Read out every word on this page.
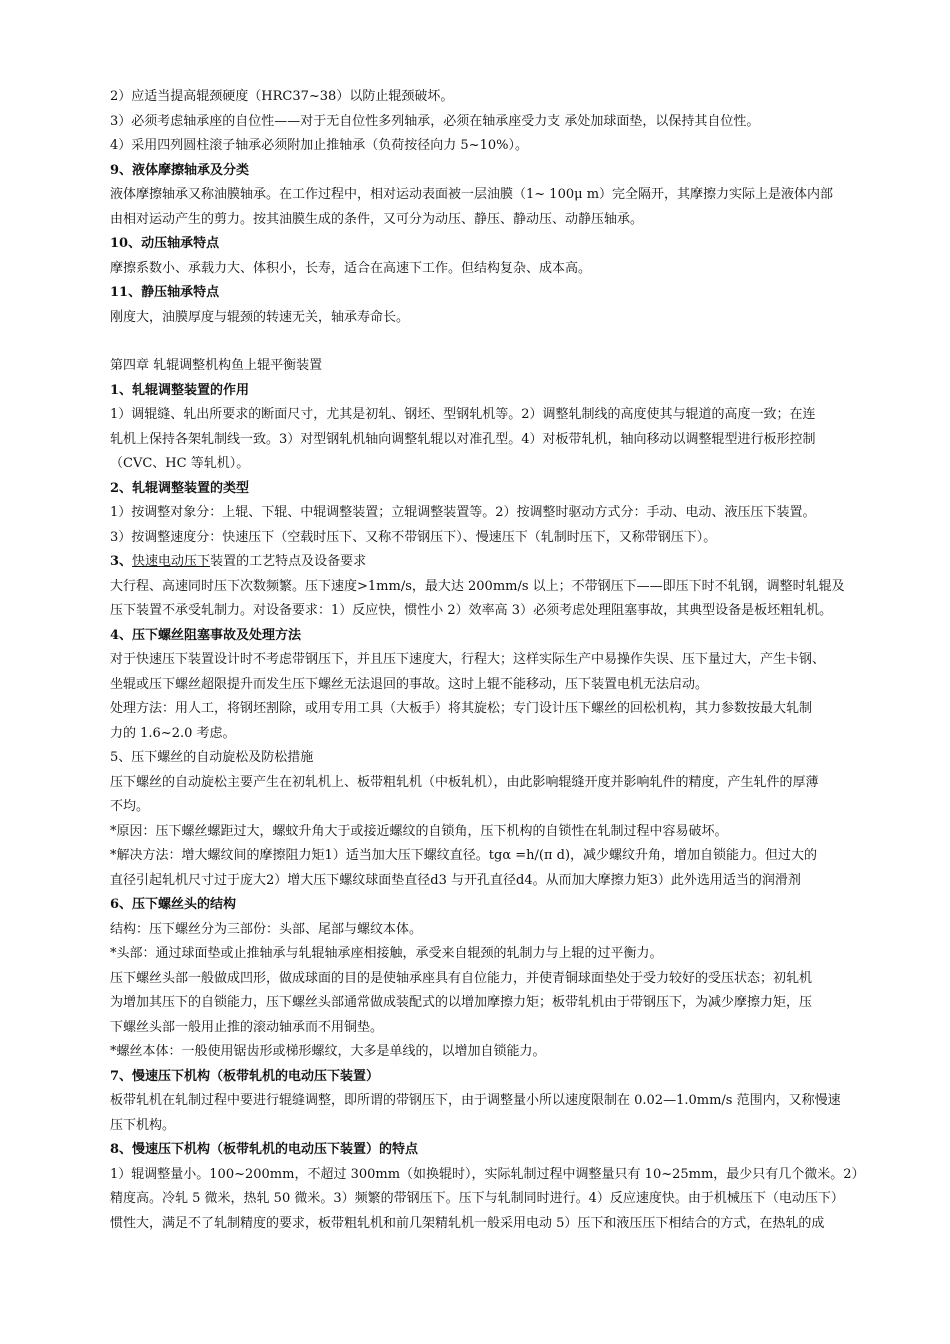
2）应适当提高辊颈硬度（HRC37~38）以防止辊颈破坏。
3）必须考虑轴承座的自位性——对于无自位性多列轴承，必须在轴承座受力支 承处加球面垫，以保持其自位性。
4）采用四列圆柱滚子轴承必须附加止推轴承（负荷按径向力 5~10%）。
9、液体摩擦轴承及分类
液体摩擦轴承又称油膜轴承。在工作过程中，相对运动表面被一层油膜（1~ 100μ m）完全隔开，其摩擦力实际上是液体内部
由相对运动产生的剪力。按其油膜生成的条件，又可分为动压、静压、静动压、动静压轴承。
10、动压轴承特点
摩擦系数小、承载力大、体积小，长寿，适合在高速下工作。但结构复杂、成本高。
11、静压轴承特点
刚度大，油膜厚度与辊颈的转速无关，轴承寿命长。
第四章 轧辊调整机构鱼上辊平衡装置
1、轧辊调整装置的作用
1）调辊缝、轧出所要求的断面尺寸，尤其是初轧、钢坯、型钢轧机等。2）调整轧制线的高度使其与辊道的高度一致；在连
轧机上保持各架轧制线一致。3）对型钢轧机轴向调整轧辊以对准孔型。4）对板带轧机，轴向移动以调整辊型进行板形控制
（CVC、HC 等轧机）。
2、轧辊调整装置的类型
1）按调整对象分：上辊、下辊、中辊调整装置；立辊调整装置等。2）按调整时驱动方式分：手动、电动、液压压下装置。
3）按调整速度分：快速压下（空载时压下、又称不带钢压下）、慢速压下（轧制时压下，又称带钢压下）。
3、快速电动压下装置的工艺特点及设备要求
大行程、高速同时压下次数频繁。压下速度>1mm/s，最大达 200mm/s 以上；不带钢压下——即压下时不轧钢，调整时轧辊及
压下装置不承受轧制力。对设备要求：1）反应快，惯性小 2）效率高 3）必须考虑处理阻塞事故，其典型设备是板坯粗轧机。
4、压下螺丝阻塞事故及处理方法
对于快速压下装置设计时不考虑带钢压下，并且压下速度大，行程大；这样实际生产中易操作失误、压下量过大，产生卡钢、
坐辊或压下螺丝超限提升而发生压下螺丝无法退回的事故。这时上辊不能移动，压下装置电机无法启动。
处理方法：用人工，将钢坯割除，或用专用工具（大板手）将其旋松；专门设计压下螺丝的回松机构，其力参数按最大轧制
力的 1.6~2.0 考虑。
5、压下螺丝的自动旋松及防松措施
压下螺丝的自动旋松主要产生在初轧机上、板带粗轧机（中板轧机），由此影响辊缝开度并影响轧件的精度，产生轧件的厚薄
不均。
*原因：压下螺丝螺距过大，螺蚊升角大于或接近螺纹的自锁角，压下机构的自锁性在轧制过程中容易破坏。
*解决方法：增大螺纹间的摩擦阻力矩1）适当加大压下螺纹直径。tgα =h/(π d)，减少螺纹升角，增加自锁能力。但过大的
直径引起轧机尺寸过于庞大2）增大压下螺纹球面垫直径d3 与开孔直径d4。从而加大摩擦力矩3）此外选用适当的润滑剂
6、压下螺丝头的结构
结构：压下螺丝分为三部份：头部、尾部与螺纹本体。
*头部：通过球面垫或止推轴承与轧辊轴承座相接触，承受来自辊颈的轧制力与上辊的过平衡力。
压下螺丝头部一般做成凹形，做成球面的目的是使轴承座具有自位能力，并使青铜球面垫处于受力较好的受压状态；初轧机
为增加其压下的自锁能力，压下螺丝头部通常做成装配式的以增加摩擦力矩；板带轧机由于带钢压下，为减少摩擦力矩，压
下螺丝头部一般用止推的滚动轴承而不用铜垫。
*螺丝本体：一般使用锯齿形或梯形螺纹，大多是单线的，以增加自锁能力。
7、慢速压下机构（板带轧机的电动压下装置）
板带轧机在轧制过程中要进行辊缝调整，即所谓的带钢压下，由于调整量小所以速度限制在 0.02—1.0mm/s 范围内，又称慢速
压下机构。
8、慢速压下机构（板带轧机的电动压下装置）的特点
1）辊调整量小。100~200mm，不超过 300mm（如换辊时），实际轧制过程中调整量只有 10~25mm，最少只有几个微米。2）
精度高。冷轧 5 微米，热轧 50 微米。3）频繁的带钢压下。压下与轧制同时进行。4）反应速度快。由于机械压下（电动压下）
惯性大，满足不了轧制精度的要求，板带粗轧机和前几架精轧机一般采用电动 5）压下和液压压下相结合的方式，在热轧的成
